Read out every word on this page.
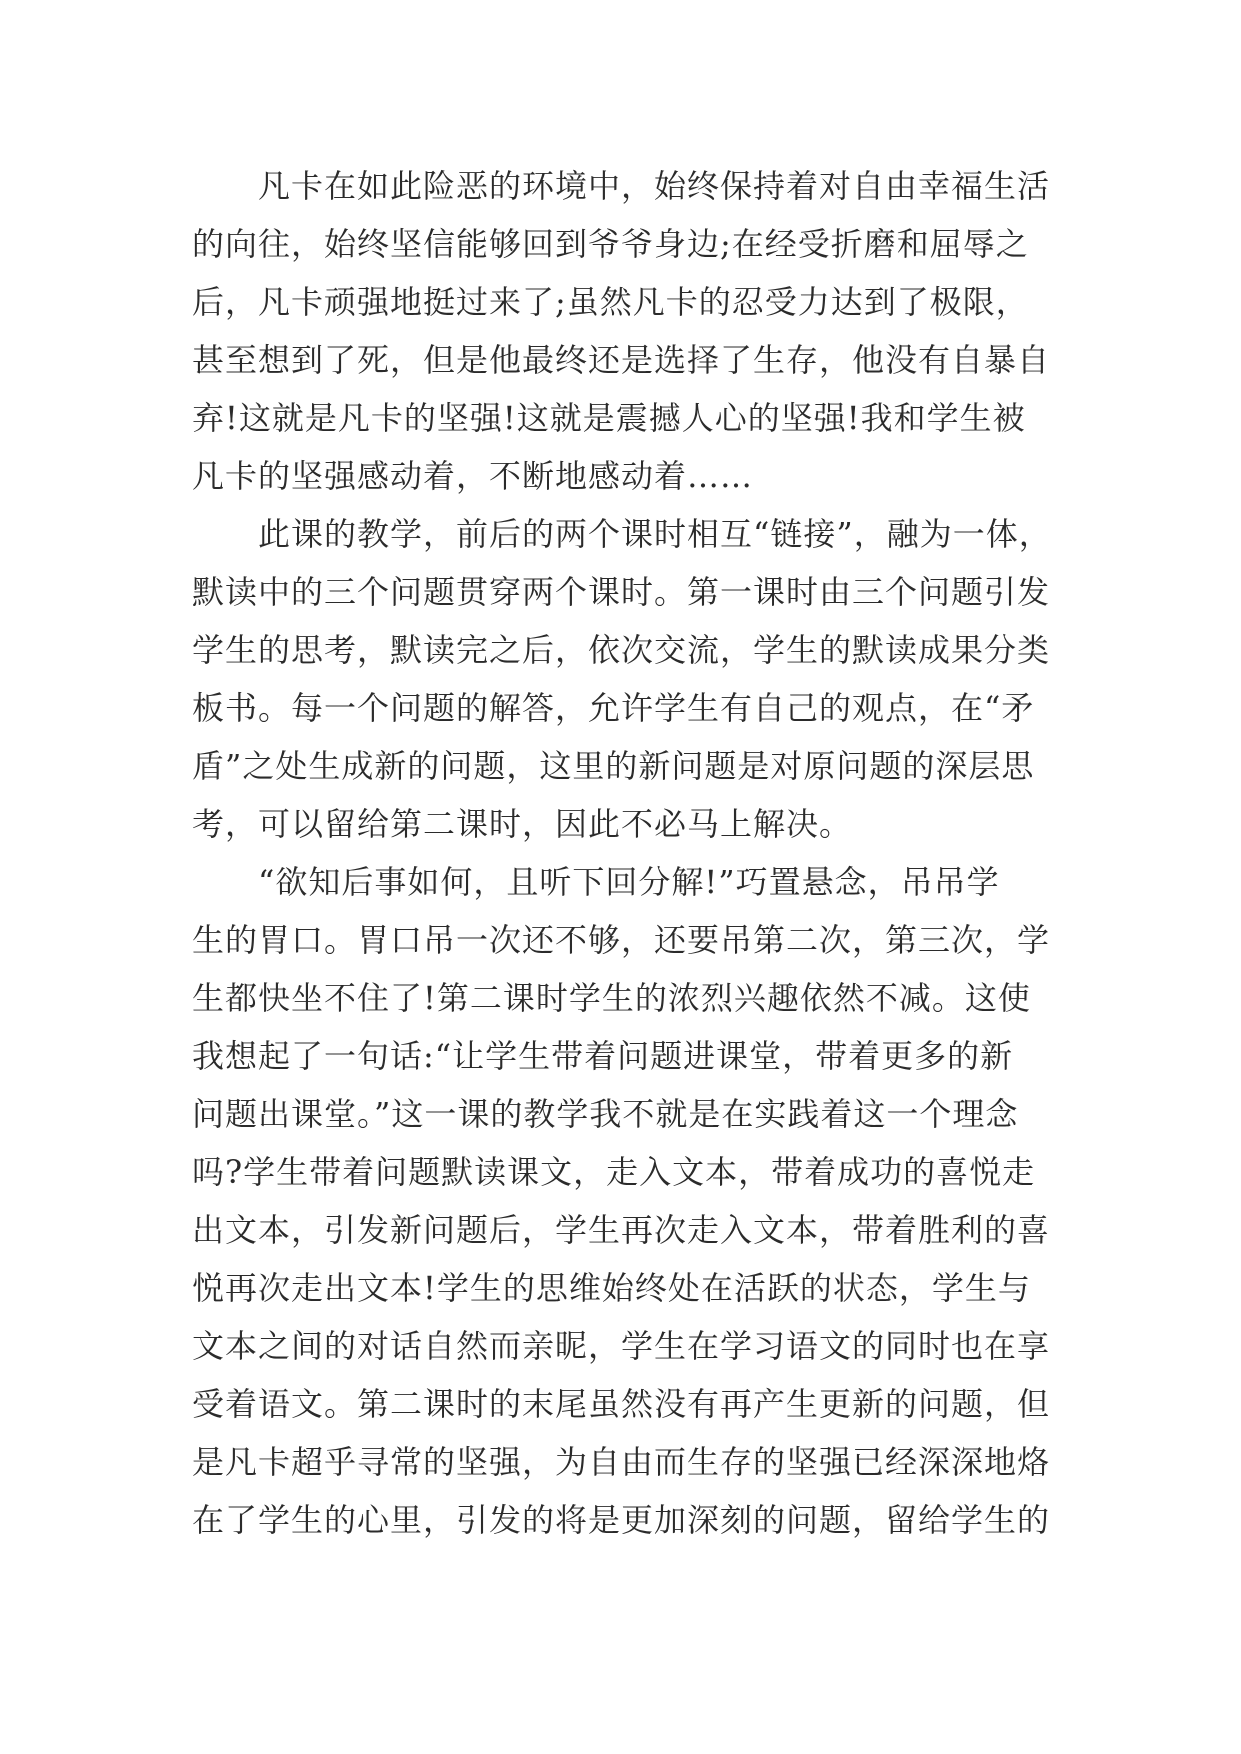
　　凡卡在如此险恶的环境中，始终保持着对自由幸福生活
的向往，始终坚信能够回到爷爷身边;在经受折磨和屈辱之
后，凡卡顽强地挺过来了;虽然凡卡的忍受力达到了极限，
甚至想到了死，但是他最终还是选择了生存，他没有自暴自
弃!这就是凡卡的坚强!这就是震撼人心的坚强!我和学生被
凡卡的坚强感动着，不断地感动着……
　　此课的教学，前后的两个课时相互“链接”，融为一体，
默读中的三个问题贯穿两个课时。第一课时由三个问题引发
学生的思考，默读完之后，依次交流，学生的默读成果分类
板书。每一个问题的解答，允许学生有自己的观点，在“矛
盾”之处生成新的问题，这里的新问题是对原问题的深层思
考，可以留给第二课时，因此不必马上解决。
　　“欲知后事如何，且听下回分解!”巧置悬念，吊吊学
生的胃口。胃口吊一次还不够，还要吊第二次，第三次，学
生都快坐不住了!第二课时学生的浓烈兴趣依然不减。这使
我想起了一句话:“让学生带着问题进课堂，带着更多的新
问题出课堂。”这一课的教学我不就是在实践着这一个理念
吗?学生带着问题默读课文，走入文本，带着成功的喜悦走
出文本，引发新问题后，学生再次走入文本，带着胜利的喜
悦再次走出文本!学生的思维始终处在活跃的状态，学生与
文本之间的对话自然而亲昵，学生在学习语文的同时也在享
受着语文。第二课时的末尾虽然没有再产生更新的问题，但
是凡卡超乎寻常的坚强，为自由而生存的坚强已经深深地烙
在了学生的心里，引发的将是更加深刻的问题，留给学生的
